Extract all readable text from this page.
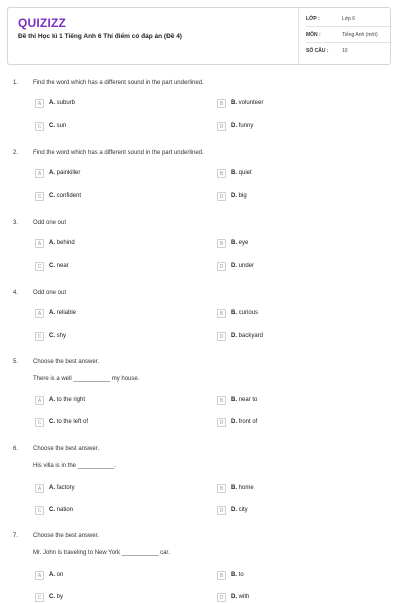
QUIZIZZ
Đề thi Học kì 1 Tiếng Anh 6 Thí điểm có đáp án (Đề 4)
LỚP :	Lớp 6
MÔN :	Tiếng Anh (mới)
SỐ CÂU :	10
1. Find the word which has a different sound in the part underlined.
A	A. suburb	B	B. volunteer
C	C. sun	D	D. funny
2. Find the word which has a different sound in the part underlined.
A	A. painkiller	B	B. quiet
C	C. confident	D	D. big
3. Odd one out
A	A. behind	B	B. eye
C	C. near	D	D. under
4. Odd one out
A	A. reliable	B	B. curious
C	C. shy	D	D. backyard
5. Choose the best answer.
There is a well ___________ my house.
A	A. to the right	B	B. near to
C	C. to the left of	D	D. front of
6. Choose the best answer.
His villa is in the ___________.
A	A. factory	B	B. home
C	C. nation	D	D. city
7. Choose the best answer.
Mr. John is traveling to New York ___________ car.
A	A. on	B	B. to
C	C. by	D	D. with
